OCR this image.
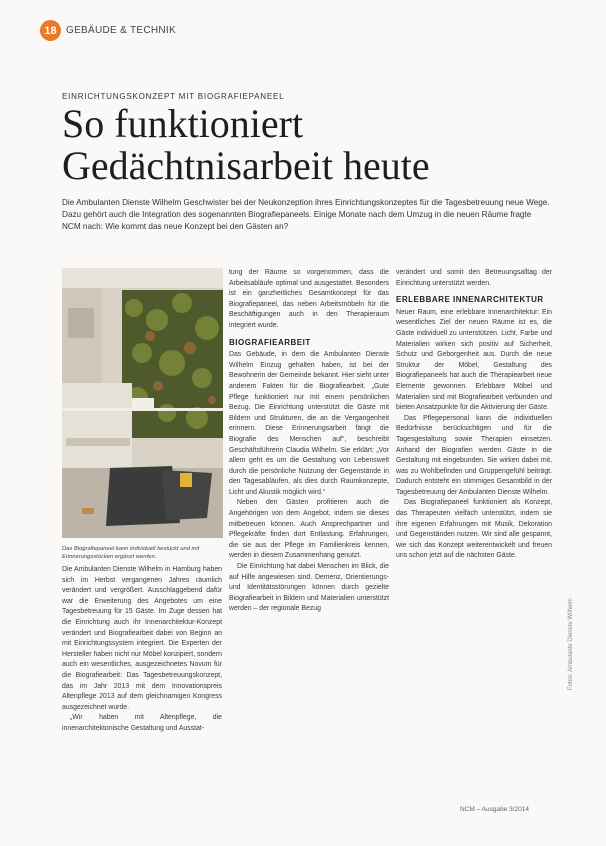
18 GEBÄUDE & TECHNIK
EINRICHTUNGSKONZEPT MIT BIOGRAFIEPANEEL
So funktioniert
Gedächtnisarbeit heute

Die Ambulanten Dienste Wilhelm Geschwister bei der Neukonzeption ihres Einrichtungskonzeptes für die Tagesbetreuung neue Wege. Dazu gehört auch die Integration des sogenannten Biografiepaneels. Einige Monate nach dem Umzug in die neuen Räume fragte NCM nach: Wie kommt das neue Konzept bei den Gästen an?

Das Biografiepaneel kann individuell bestückt und mit Erinnerungsstücken ergänzt werden.

Die Ambulanten Dienste Wilhelm in Hamburg haben sich im Herbst vergangenen Jahres räumlich verändert und vergrößert. Ausschlaggebend dafür war die Erweiterung des Angebotes um eine Tagesbetreuung für 15 Gäste. Im Zuge dessen hat die Einrichtung auch ihr Innenarchitektur-Konzept verändert und Biografiearbeit dabei von Beginn an mit Einrichtungssystem integriert. Die Experten der Hersteller haben nicht nur Möbel konzipiert, sondern auch ein wesentliches, ausgezeichnetes Novum für die Biografiearbeit: Das Tagesbetreuungskonzept, das im Jahr 2013 mit dem Innovationspreis Altenpflege 2013 auf dem gleichnamigen Kongress ausgezeichnet wurde.

„Wir haben mit Altenpflege, die innenarchitektonische Gestaltung und Ausstat-

tung der Räume so vorgenommen, dass die Arbeitsabläufe optimal und ausgestattet. Besonders ist ein ganzheitliches Gesamtkonzept für das Biografiepaneel, das neben Arbeitsmöbeln für die Beschäftigungen auch in den Therapieraum integriert wurde.

BIOGRAFIEARBEIT

Das Gebäude, in dem die Ambulanten Dienste Wilhelm Einzug gehalten haben, ist bei der Bewohnerin der Gemeinde bekannt. Hier sieht unter anderem Fakten für die Biografiearbeit. „Gute Pflege funktioniert nur mit einem persönlichen Bezug. Die Einrichtung unterstützt die Gäste mit Bildern und Strukturen, die an die Vergangenheit erinnern. Diese Erinnerungsarbeit fängt die Biografie des Menschen auf“, beschreibt Geschäftsführerin Claudia Wilhelm. Sie erklärt: „Vor allem geht es um die Gestaltung von Lebenswelt durch die persönliche Nutzung der Gegenstände in den Tagesabläufen, als dies durch Raumkonzepte, Licht und Akustik möglich wird.“

Neben den Gästen profitieren auch die Angehörigen von dem Angebot, indem sie dieses mitbetreuen können. Auch Ansprechpartner und Pflegekräfte finden dort Entlastung. Erfahrungen, die sie aus der Pflege im Familienkreis kennen, werden in diesem Zusammenhang genutzt.

Die Einrichtung hat dabei Menschen im Blick, die auf Hilfe angewiesen sind. Demenz, Orientierungs- und Identitätsstörungen können durch gezielte Biografiearbeit in Bildern und Materialien unterstützt werden – der regionale Bezug

verändert und somit den Betreuungsalltag der Einrichtung unterstützt werden.

ERLEBBARE INNENARCHITEKTUR

Neuer Raum, eine erlebbare Innenarchitektur: Ein wesentliches Ziel der neuen Räume ist es, die Gäste individuell zu unterstützen. Licht, Farbe und Materialien wirken sich positiv auf Sicherheit, Schutz und Geborgenheit aus. Durch die neue Struktur der Möbel, Gestaltung des Biografiepaneels hat auch die Therapiearbeit neue Elemente gewonnen. Erlebbare Möbel und Materialien sind mit Biografiearbeit verbunden und bieten Ansatzpunkte für die Aktivierung der Gäste.

Das Pflegepersonal kann die individuellen Bedürfnisse berücksichtigen und für die Tagesgestaltung sowie Therapien einsetzen. Anhand der Biografien werden Gäste in die Gestaltung mit eingebunden. Sie wirken dabei mit, was zu Wohlbefinden und Gruppengefühl beiträgt. Dadurch entsteht ein stimmiges Gesamtbild in der Tagesbetreuung der Ambulanten Dienste Wilhelm.

Das Biografiepaneel funktioniert als Konzept, das Therapeuten vielfach unterstützt, indem sie ihre eigenen Erfahrungen mit Musik, Dekoration und Gegenständen nutzen. Wir sind alle gespannt, wie sich das Konzept weiterentwickelt und freuen uns schon jetzt auf die nächsten Gäste.

NCM – Ausgabe 3/2014
Fotos: Ambulante Dienste Wilhelm
